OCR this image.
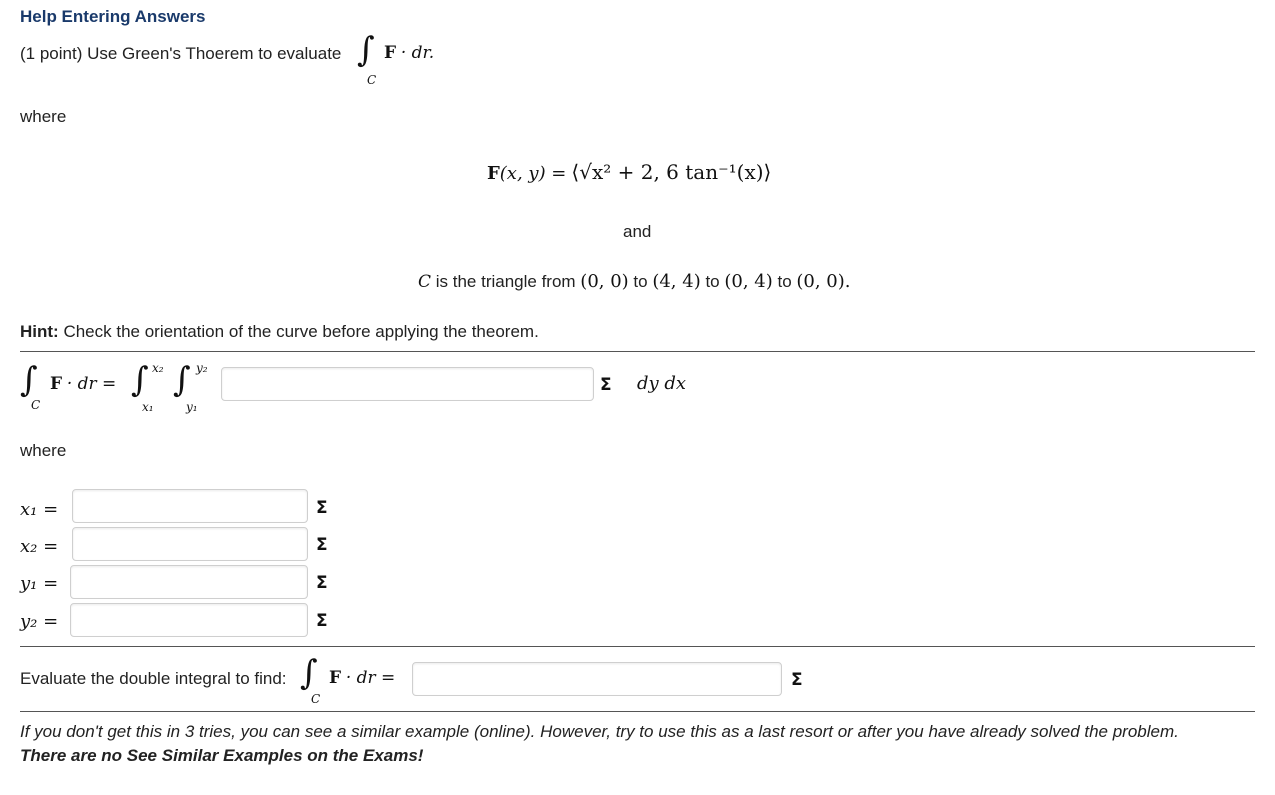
Help Entering Answers
(1 point) Use Green's Thoerem to evaluate ∫
C
F · dr.
where
F(x, y) = ⟨√x² + 2, 6 tan⁻¹(x)⟩
and
C is the triangle from (0, 0) to (4, 4) to (0, 4) to (0, 0).
Hint: Check the orientation of the curve before applying the theorem.
∫
C
F · dr = ∫ x₂
x₁
∫ y₂
y₁
Σ dy dx
where
x₁ =	Σ
x₂ =	Σ
y₁ =	Σ
y₂ =	Σ
Evaluate the double integral to find: ∫
C
F · dr =	Σ
If you don't get this in 3 tries, you can see a similar example (online). However, try to use this as a last resort or after you have already solved the problem.
There are no See Similar Examples on the Exams!
